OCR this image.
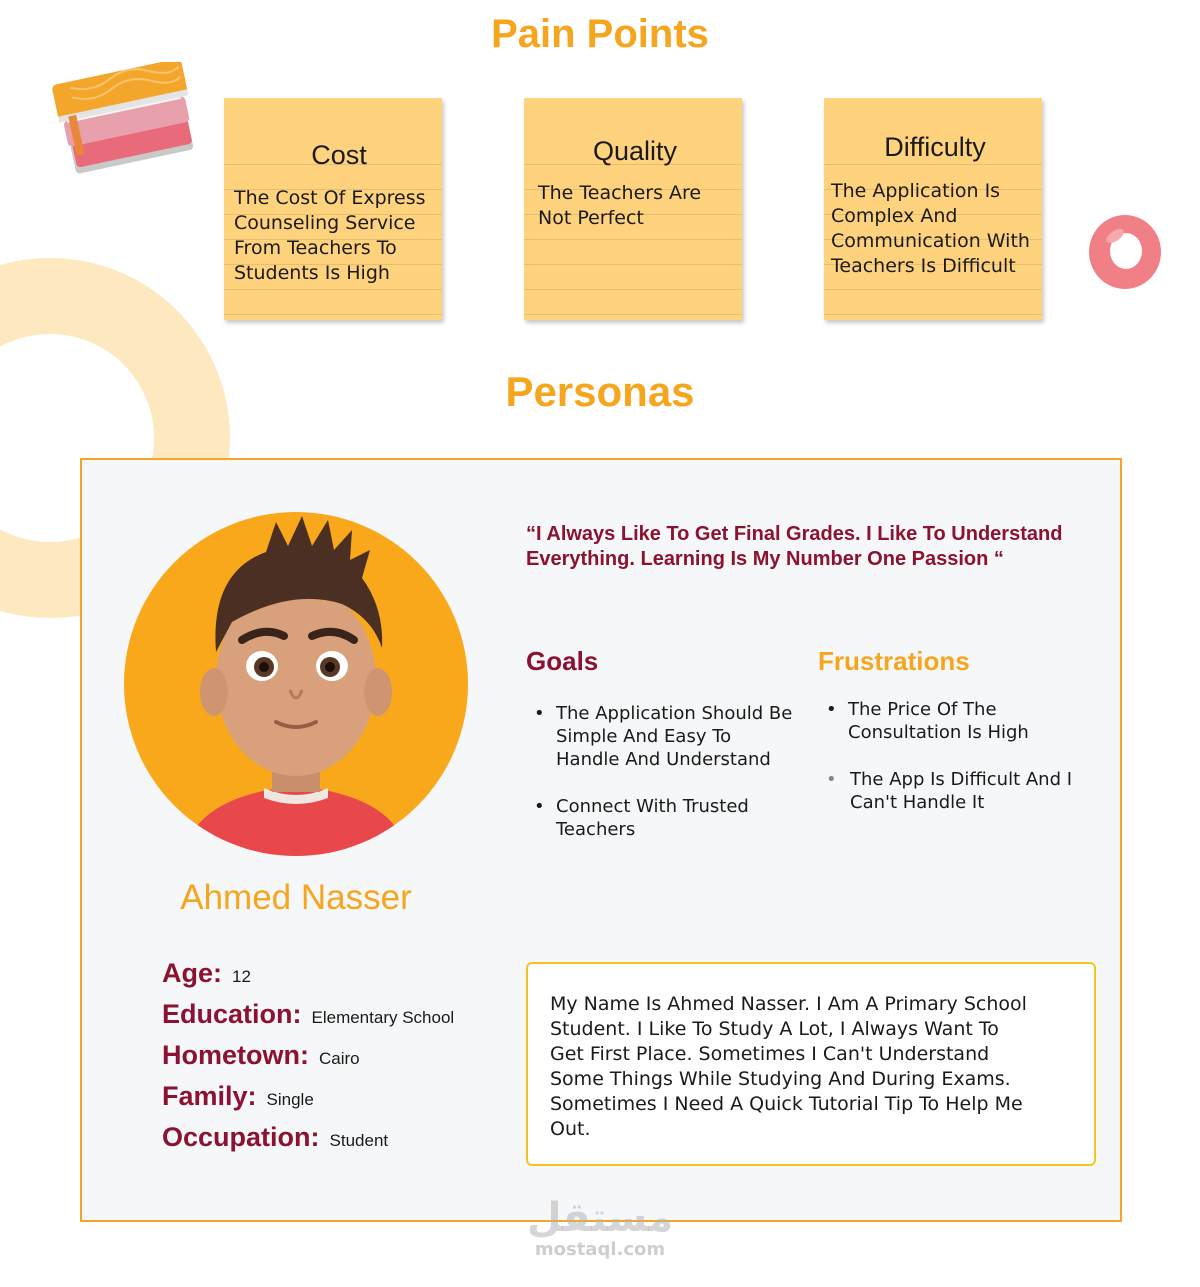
Pain Points
Cost
The Cost Of Express
Counseling Service
From Teachers To
Students Is High
Quality
The Teachers Are
Not Perfect
Difficulty
The Application Is
Complex And
Communication With
Teachers Is Difficult
Personas
Ahmed Nasser
“I Always Like To Get Final Grades. I Like To Understand
Everything. Learning Is My Number One Passion “
Goals	Frustrations
• The Application Should Be
Simple And Easy To
Handle And Understand
• Connect With Trusted
Teachers
• The Price Of The
Consultation Is High
• The App Is Difficult And I
Can't Handle It
Age: 12
Education: Elementary School
Hometown: Cairo
Family: Single
Occupation: Student
My Name Is Ahmed Nasser. I Am A Primary School
Student. I Like To Study A Lot, I Always Want To
Get First Place. Sometimes I Can't Understand
Some Things While Studying And During Exams.
Sometimes I Need A Quick Tutorial Tip To Help Me
Out.
مستقل
mostaql.com
